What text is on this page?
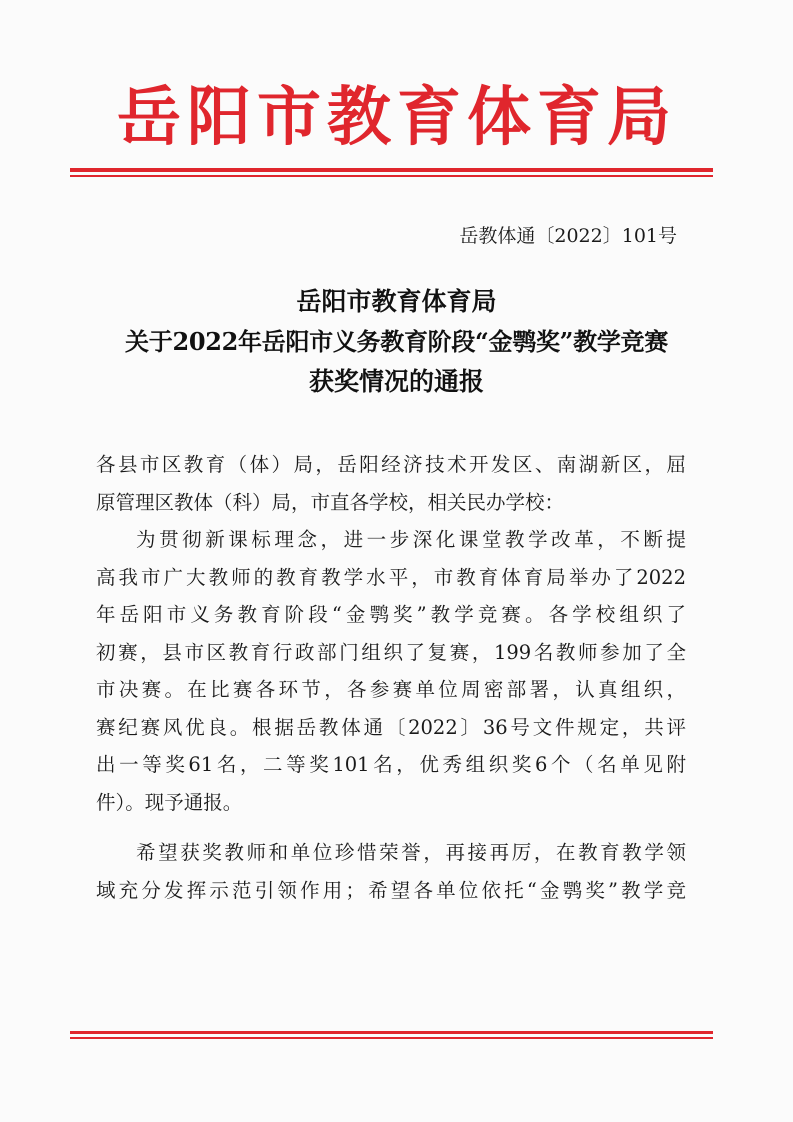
岳阳市教育体育局
岳教体通〔2022〕101号
岳阳市教育体育局
关于2022年岳阳市义务教育阶段“金鹗奖”教学竞赛
获奖情况的通报
各县市区教育（体）局，岳阳经济技术开发区、南湖新区，屈
原管理区教体（科）局，市直各学校，相关民办学校：
为贯彻新课标理念，进一步深化课堂教学改革，不断提
高我市广大教师的教育教学水平，市教育体育局举办了2022
年岳阳市义务教育阶段“金鹗奖”教学竞赛。各学校组织了
初赛，县市区教育行政部门组织了复赛，199名教师参加了全
市决赛。在比赛各环节，各参赛单位周密部署，认真组织，
赛纪赛风优良。根据岳教体通〔2022〕36号文件规定，共评
出一等奖61名，二等奖101名，优秀组织奖6个（名单见附
件）。现予通报。
希望获奖教师和单位珍惜荣誉，再接再厉，在教育教学领
域充分发挥示范引领作用；希望各单位依托“金鹗奖”教学竞
